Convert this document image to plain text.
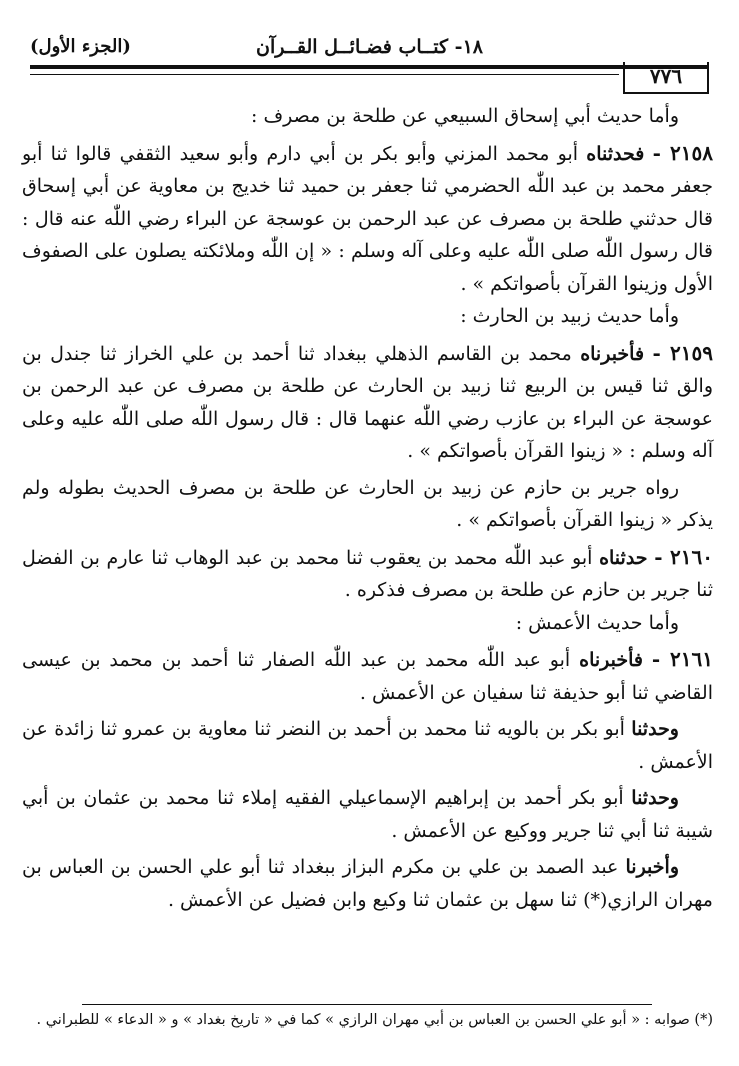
١٨- كتــاب فضـائــل القــرآن
(الجزء الأول)
٧٧٦

وأما حديث أبي إسحاق السبيعي عن طلحة بن مصرف :

٢١٥٨ - فحدثناه أبو محمد المزني وأبو بكر بن أبي دارم وأبو سعيد الثقفي قالوا ثنا أبو جعفر محمد بن عبد اللّٰه الحضرمي ثنا جعفر بن حميد ثنا خديج بن معاوية عن أبي إسحاق قال حدثني طلحة بن مصرف عن عبد الرحمن بن عوسجة عن البراء رضي اللّٰه عنه قال : قال رسول اللّٰه صلى اللّٰه عليه وعلى آله وسلم : « إن اللّٰه وملائكته يصلون على الصفوف الأول وزينوا القرآن بأصواتكم » .

وأما حديث زبيد بن الحارث :

٢١٥٩ - فأخبرناه محمد بن القاسم الذهلي ببغداد ثنا أحمد بن علي الخراز ثنا جندل بن والق ثنا قيس بن الربيع ثنا زبيد بن الحارث عن طلحة بن مصرف عن عبد الرحمن بن عوسجة عن البراء بن عازب رضي اللّٰه عنهما قال : قال رسول اللّٰه صلى اللّٰه عليه وعلى آله وسلم : « زينوا القرآن بأصواتكم » .

رواه جرير بن حازم عن زبيد بن الحارث عن طلحة بن مصرف الحديث بطوله ولم يذكر « زينوا القرآن بأصواتكم » .

٢١٦٠ - حدثناه أبو عبد اللّٰه محمد بن يعقوب ثنا محمد بن عبد الوهاب ثنا عارم بن الفضل ثنا جرير بن حازم عن طلحة بن مصرف فذكره .

وأما حديث الأعمش :

٢١٦١ - فأخبرناه أبو عبد اللّٰه محمد بن عبد اللّٰه الصفار ثنا أحمد بن محمد بن عيسى القاضي ثنا أبو حذيفة ثنا سفيان عن الأعمش .

وحدثنا أبو بكر بن بالويه ثنا محمد بن أحمد بن النضر ثنا معاوية بن عمرو ثنا زائدة عن الأعمش .

وحدثنا أبو بكر أحمد بن إبراهيم الإسماعيلي الفقيه إملاء ثنا محمد بن عثمان بن أبي شيبة ثنا أبي ثنا جرير ووكيع عن الأعمش .

وأخبرنا عبد الصمد بن علي بن مكرم البزاز ببغداد ثنا أبو علي الحسن بن العباس بن مهران الرازي(*) ثنا سهل بن عثمان ثنا وكيع وابن فضيل عن الأعمش .

(*) صوابه : « أبو علي الحسن بن العباس بن أبي مهران الرازي » كما في « تاريخ بغداد » و « الدعاء » للطبراني .
